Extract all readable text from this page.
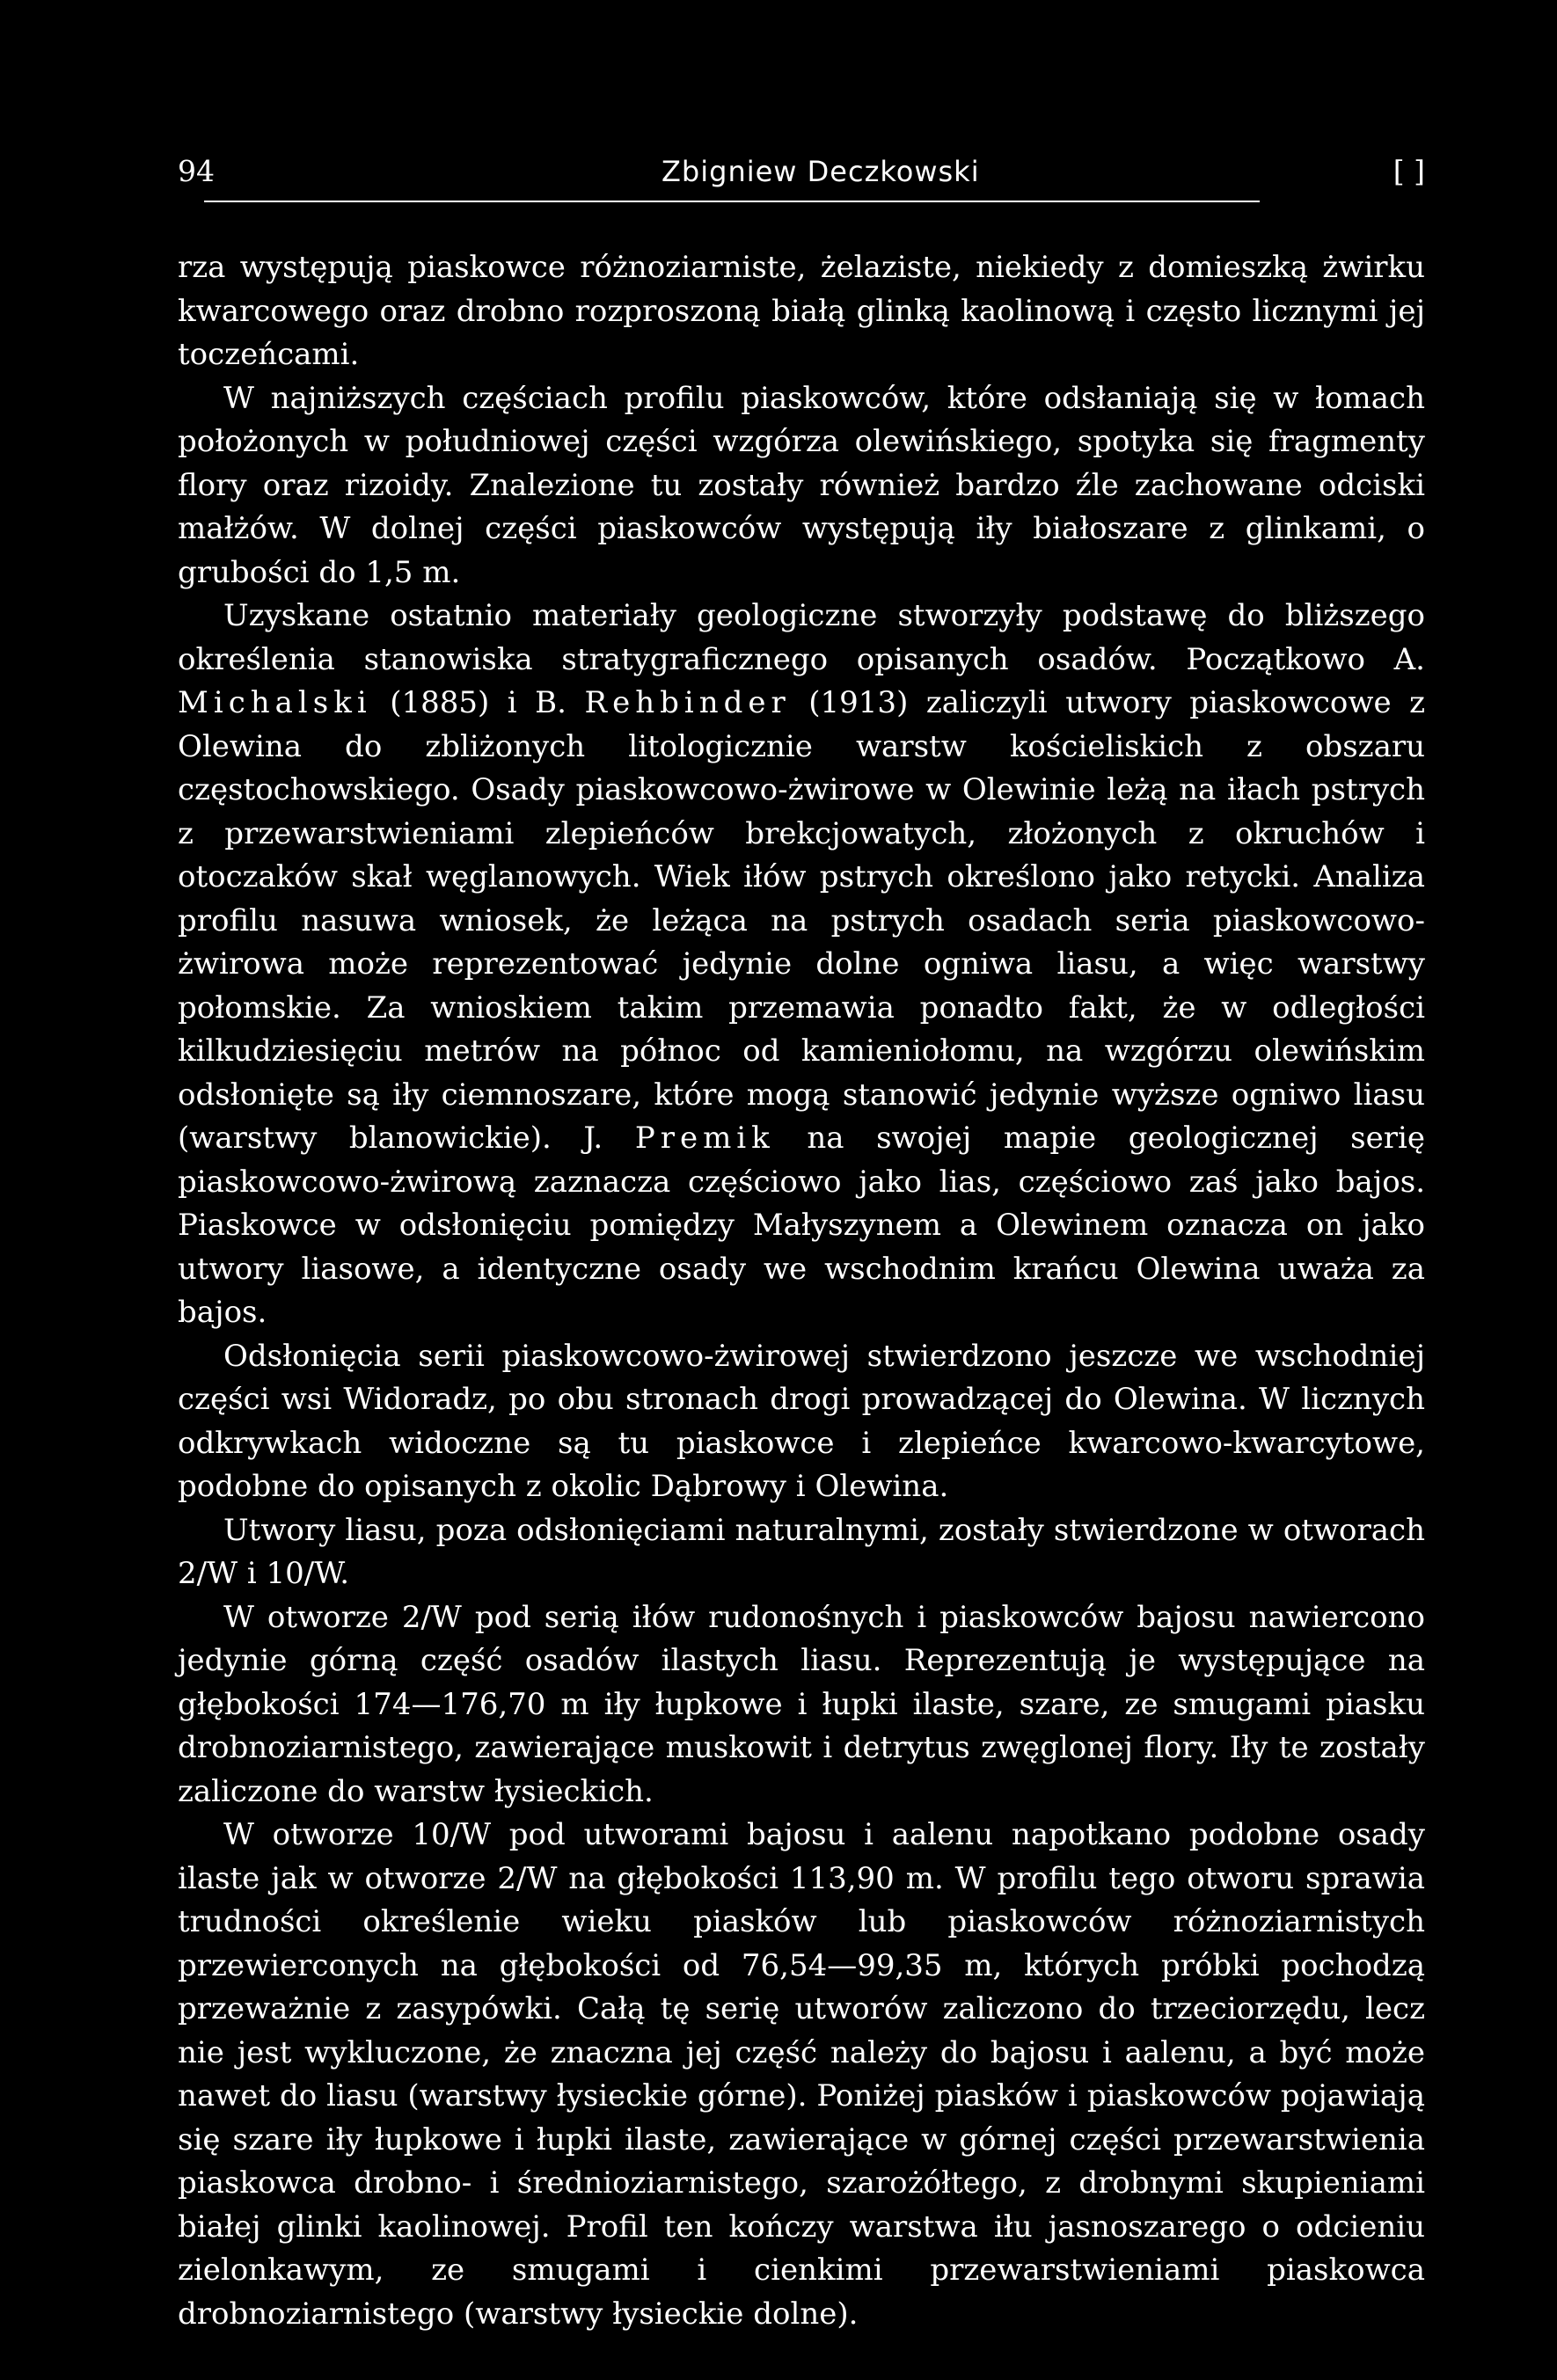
94	Zbigniew Deczkowski	[ ]

rza występują piaskowce różnoziarniste, żelaziste, niekiedy z domieszką żwirku kwarcowego oraz drobno rozproszoną białą glinką kaolinową i często licznymi jej toczeńcami.

W najniższych częściach profilu piaskowców, które odsłaniają się w łomach położonych w południowej części wzgórza olewińskiego, spotyka się fragmenty flory oraz rizoidy. Znalezione tu zostały również bardzo źle zachowane odciski małżów. W dolnej części piaskowców występują iły białoszare z glinkami, o grubości do 1,5 m.

Uzyskane ostatnio materiały geologiczne stworzyły podstawę do bliższego określenia stanowiska stratygraficznego opisanych osadów. Początkowo A. Michalski (1885) i B. Rehbinder (1913) zaliczyli utwory piaskowcowe z Olewina do zbliżonych litologicznie warstw kościeliskich z obszaru częstochowskiego. Osady piaskowcowo-żwirowe w Olewinie leżą na iłach pstrych z przewarstwieniami zlepieńców brekcjowatych, złożonych z okruchów i otoczaków skał węglanowych. Wiek iłów pstrych określono jako retycki. Analiza profilu nasuwa wniosek, że leżąca na pstrych osadach seria piaskowcowo-żwirowa może reprezentować jedynie dolne ogniwa liasu, a więc warstwy połomskie. Za wnioskiem takim przemawia ponadto fakt, że w odległości kilkudziesięciu metrów na północ od kamieniołomu, na wzgórzu olewińskim odsłonięte są iły ciemnoszare, które mogą stanowić jedynie wyższe ogniwo liasu (warstwy blanowickie). J. Premik na swojej mapie geologicznej serię piaskowcowo-żwirową zaznacza częściowo jako lias, częściowo zaś jako bajos. Piaskowce w odsłonięciu pomiędzy Małyszynem a Olewinem oznacza on jako utwory liasowe, a identyczne osady we wschodnim krańcu Olewina uważa za bajos.

Odsłonięcia serii piaskowcowo-żwirowej stwierdzono jeszcze we wschodniej części wsi Widoradz, po obu stronach drogi prowadzącej do Olewina. W licznych odkrywkach widoczne są tu piaskowce i zlepieńce kwarcowo-kwarcytowe, podobne do opisanych z okolic Dąbrowy i Olewina.

Utwory liasu, poza odsłonięciami naturalnymi, zostały stwierdzone w otworach 2/W i 10/W.

W otworze 2/W pod serią iłów rudonośnych i piaskowców bajosu nawiercono jedynie górną część osadów ilastych liasu. Reprezentują je występujące na głębokości 174—176,70 m iły łupkowe i łupki ilaste, szare, ze smugami piasku drobnoziarnistego, zawierające muskowit i detrytus zwęglonej flory. Iły te zostały zaliczone do warstw łysieckich.

W otworze 10/W pod utworami bajosu i aalenu napotkano podobne osady ilaste jak w otworze 2/W na głębokości 113,90 m. W profilu tego otworu sprawia trudności określenie wieku piasków lub piaskowców różnoziarnistych przewierconych na głębokości od 76,54—99,35 m, których próbki pochodzą przeważnie z zasypówki. Całą tę serię utworów zaliczono do trzeciorzędu, lecz nie jest wykluczone, że znaczna jej część należy do bajosu i aalenu, a być może nawet do liasu (warstwy łysieckie górne). Poniżej piasków i piaskowców pojawiają się szare iły łupkowe i łupki ilaste, zawierające w górnej części przewarstwienia piaskowca drobno- i średnioziarnistego, szarożółtego, z drobnymi skupieniami białej glinki kaolinowej. Profil ten kończy warstwa iłu jasnoszarego o odcieniu zielonkawym, ze smugami i cienkimi przewarstwieniami piaskowca drobnoziarnistego (warstwy łysieckie dolne).
